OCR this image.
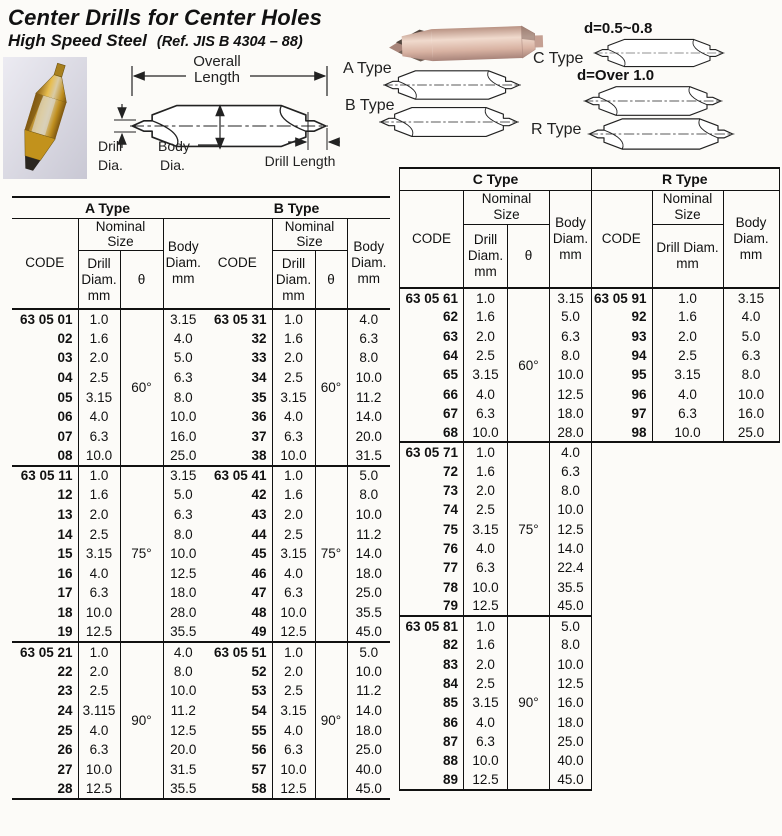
Center Drills for Center Holes
High Speed Steel (Ref. JIS B 4304 – 88)
Overall
Length
Drill
Dia.
Body
Dia.	Drill Length
A Type
B Type
d=0.5~0.8
C Type
d=Over 1.0
R Type
A Type			
CODE	Nominal Size		Body Diam. mm
	Drill Diam. mm	θ	
63 05 01	1.0	60°	3.15
02	1.6		4.0
03	2.0		5.0
04	2.5		6.3
05	3.15		8.0
06	4.0		10.0
07	6.3		16.0
08	10.0		25.0
63 05 11	1.0	75°	3.15
12	1.6		5.0
13	2.0		6.3
14	2.5		8.0
15	3.15		10.0
16	4.0		12.5
17	6.3		18.0
18	10.0		28.0
19	12.5		35.5
63 05 21	1.0	90°	4.0
22	2.0		8.0
23	2.5		10.0
24	3.115		11.2
25	4.0		12.5
26	6.3		20.0
27	10.0		31.5
28	12.5		35.5
B Type			
CODE	Nominal Size		Body Diam. mm
	Drill Diam. mm	θ	
63 05 31	1.0	60°	4.0
32	1.6		6.3
33	2.0		8.0
34	2.5		10.0
35	3.15		11.2
36	4.0		14.0
37	6.3		20.0
38	10.0		31.5
63 05 41	1.0	75°	5.0
42	1.6		8.0
43	2.0		10.0
44	2.5		11.2
45	3.15		14.0
46	4.0		18.0
47	6.3		25.0
48	10.0		35.5
49	12.5		45.0
63 05 51	1.0	90°	5.0
52	2.0		10.0
53	2.5		11.2
54	3.15		14.0
55	4.0		18.0
56	6.3		25.0
57	10.0		40.0
58	12.5		45.0
C Type			
CODE	Nominal Size		Body Diam. mm
	Drill Diam. mm	θ	
63 05 61	1.0	60°	3.15
62	1.6		5.0
63	2.0		6.3
64	2.5		8.0
65	3.15		10.0
66	4.0		12.5
67	6.3		18.0
68	10.0		28.0
63 05 71	1.0	75°	4.0
72	1.6		6.3
73	2.0		8.0
74	2.5		10.0
75	3.15		12.5
76	4.0		14.0
77	6.3		22.4
78	10.0		35.5
79	12.5		45.0
63 05 81	1.0	90°	5.0
82	1.6		8.0
83	2.0		10.0
84	2.5		12.5
85	3.15		16.0
86	4.0		18.0
87	6.3		25.0
88	10.0		40.0
89	12.5		45.0
R Type		
CODE	Nominal Size	Body Diam. mm
	Drill Diam. mm	
63 05 91	1.0	3.15
92	1.6	4.0
93	2.0	5.0
94	2.5	6.3
95	3.15	8.0
96	4.0	10.0
97	6.3	16.0
98	10.0	25.0
